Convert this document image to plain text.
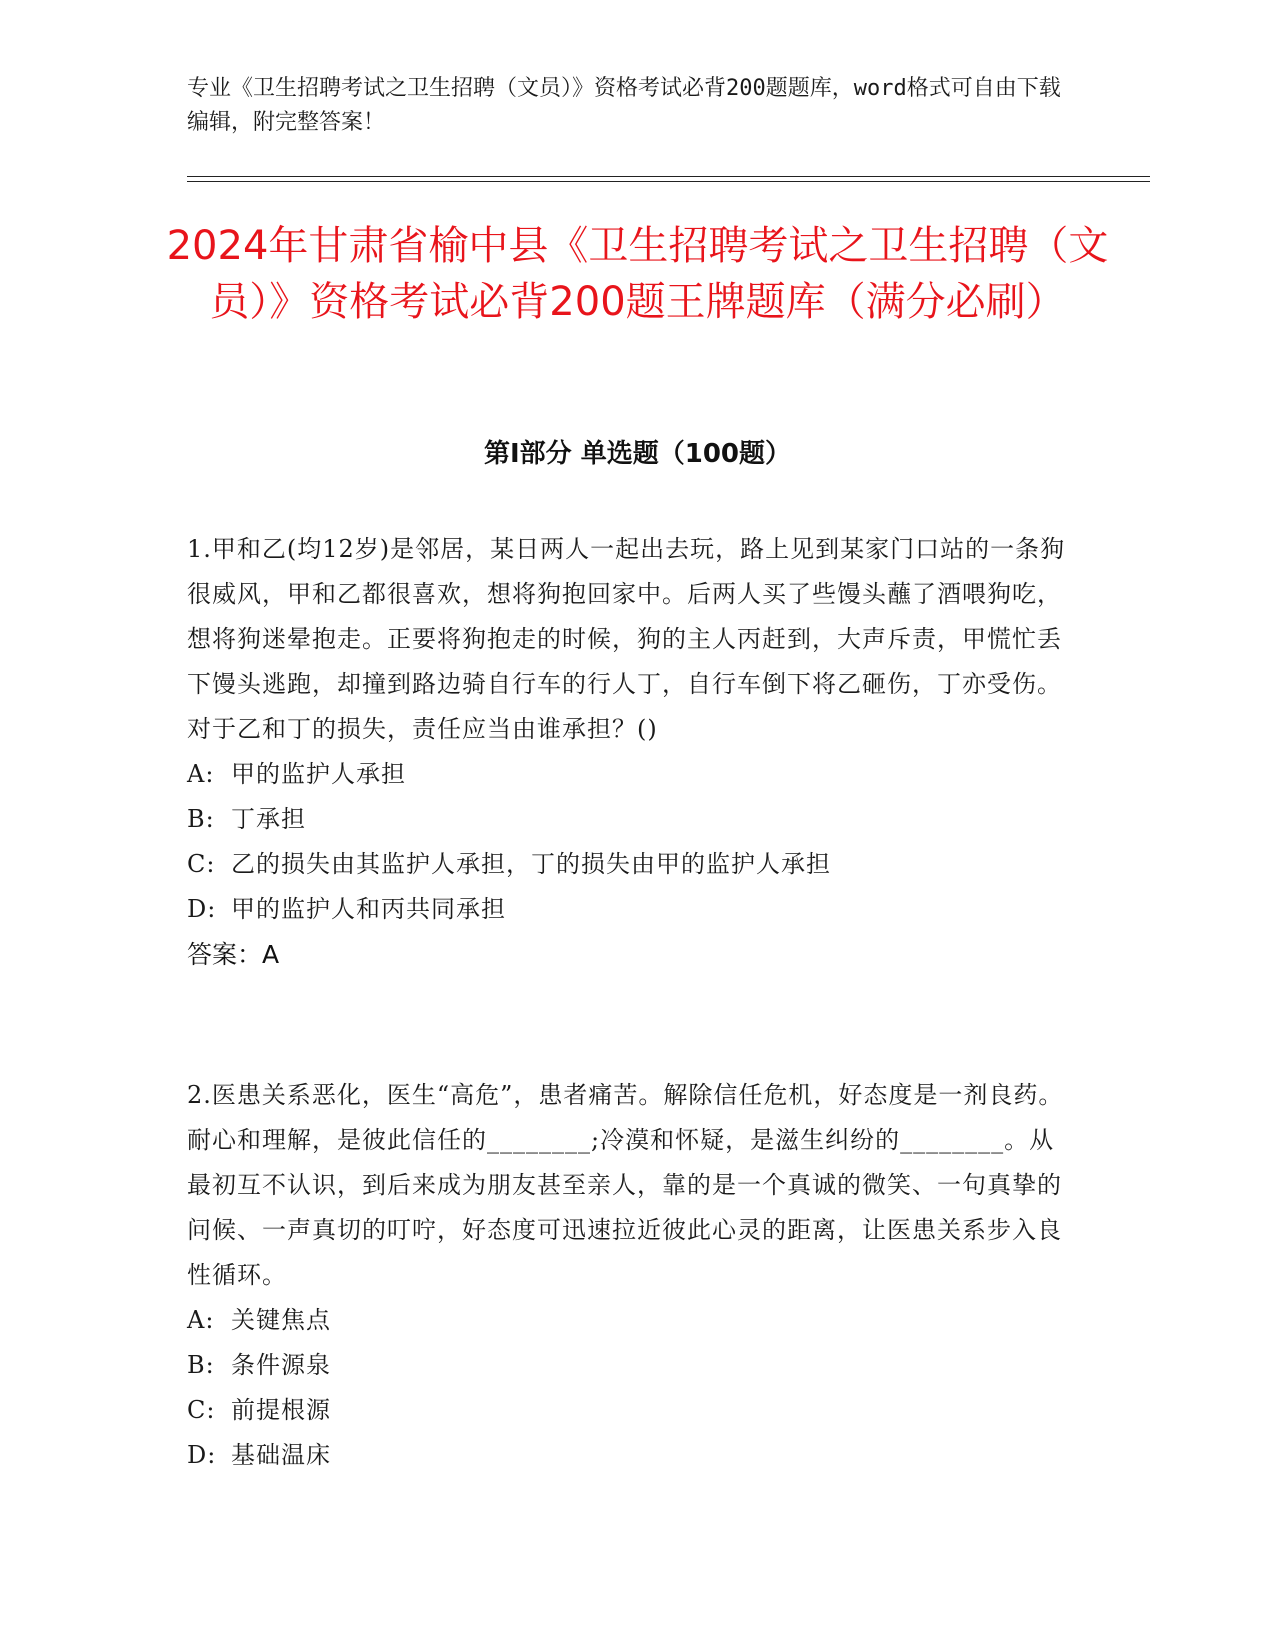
专业《卫生招聘考试之卫生招聘（文员）》资格考试必背200题题库，word格式可自由下载编辑，附完整答案！
2024年甘肃省榆中县《卫生招聘考试之卫生招聘（文员）》资格考试必背200题王牌题库（满分必刷）
第I部分 单选题（100题）

1.甲和乙(均12岁)是邻居，某日两人一起出去玩，路上见到某家门口站的一条狗很威风，甲和乙都很喜欢，想将狗抱回家中。后两人买了些馒头蘸了酒喂狗吃，想将狗迷晕抱走。正要将狗抱走的时候，狗的主人丙赶到，大声斥责，甲慌忙丢下馒头逃跑，却撞到路边骑自行车的行人丁，自行车倒下将乙砸伤，丁亦受伤。对于乙和丁的损失，责任应当由谁承担？()

A: 甲的监护人承担
B: 丁承担
C: 乙的损失由其监护人承担，丁的损失由甲的监护人承担
D: 甲的监护人和丙共同承担

答案：A

2.医患关系恶化，医生“高危”，患者痛苦。解除信任危机，好态度是一剂良药。耐心和理解，是彼此信任的________;冷漠和怀疑，是滋生纠纷的________。从最初互不认识，到后来成为朋友甚至亲人，靠的是一个真诚的微笑、一句真挚的问候、一声真切的叮咛，好态度可迅速拉近彼此心灵的距离，让医患关系步入良性循环。

A: 关键焦点
B: 条件源泉
C: 前提根源
D: 基础温床
